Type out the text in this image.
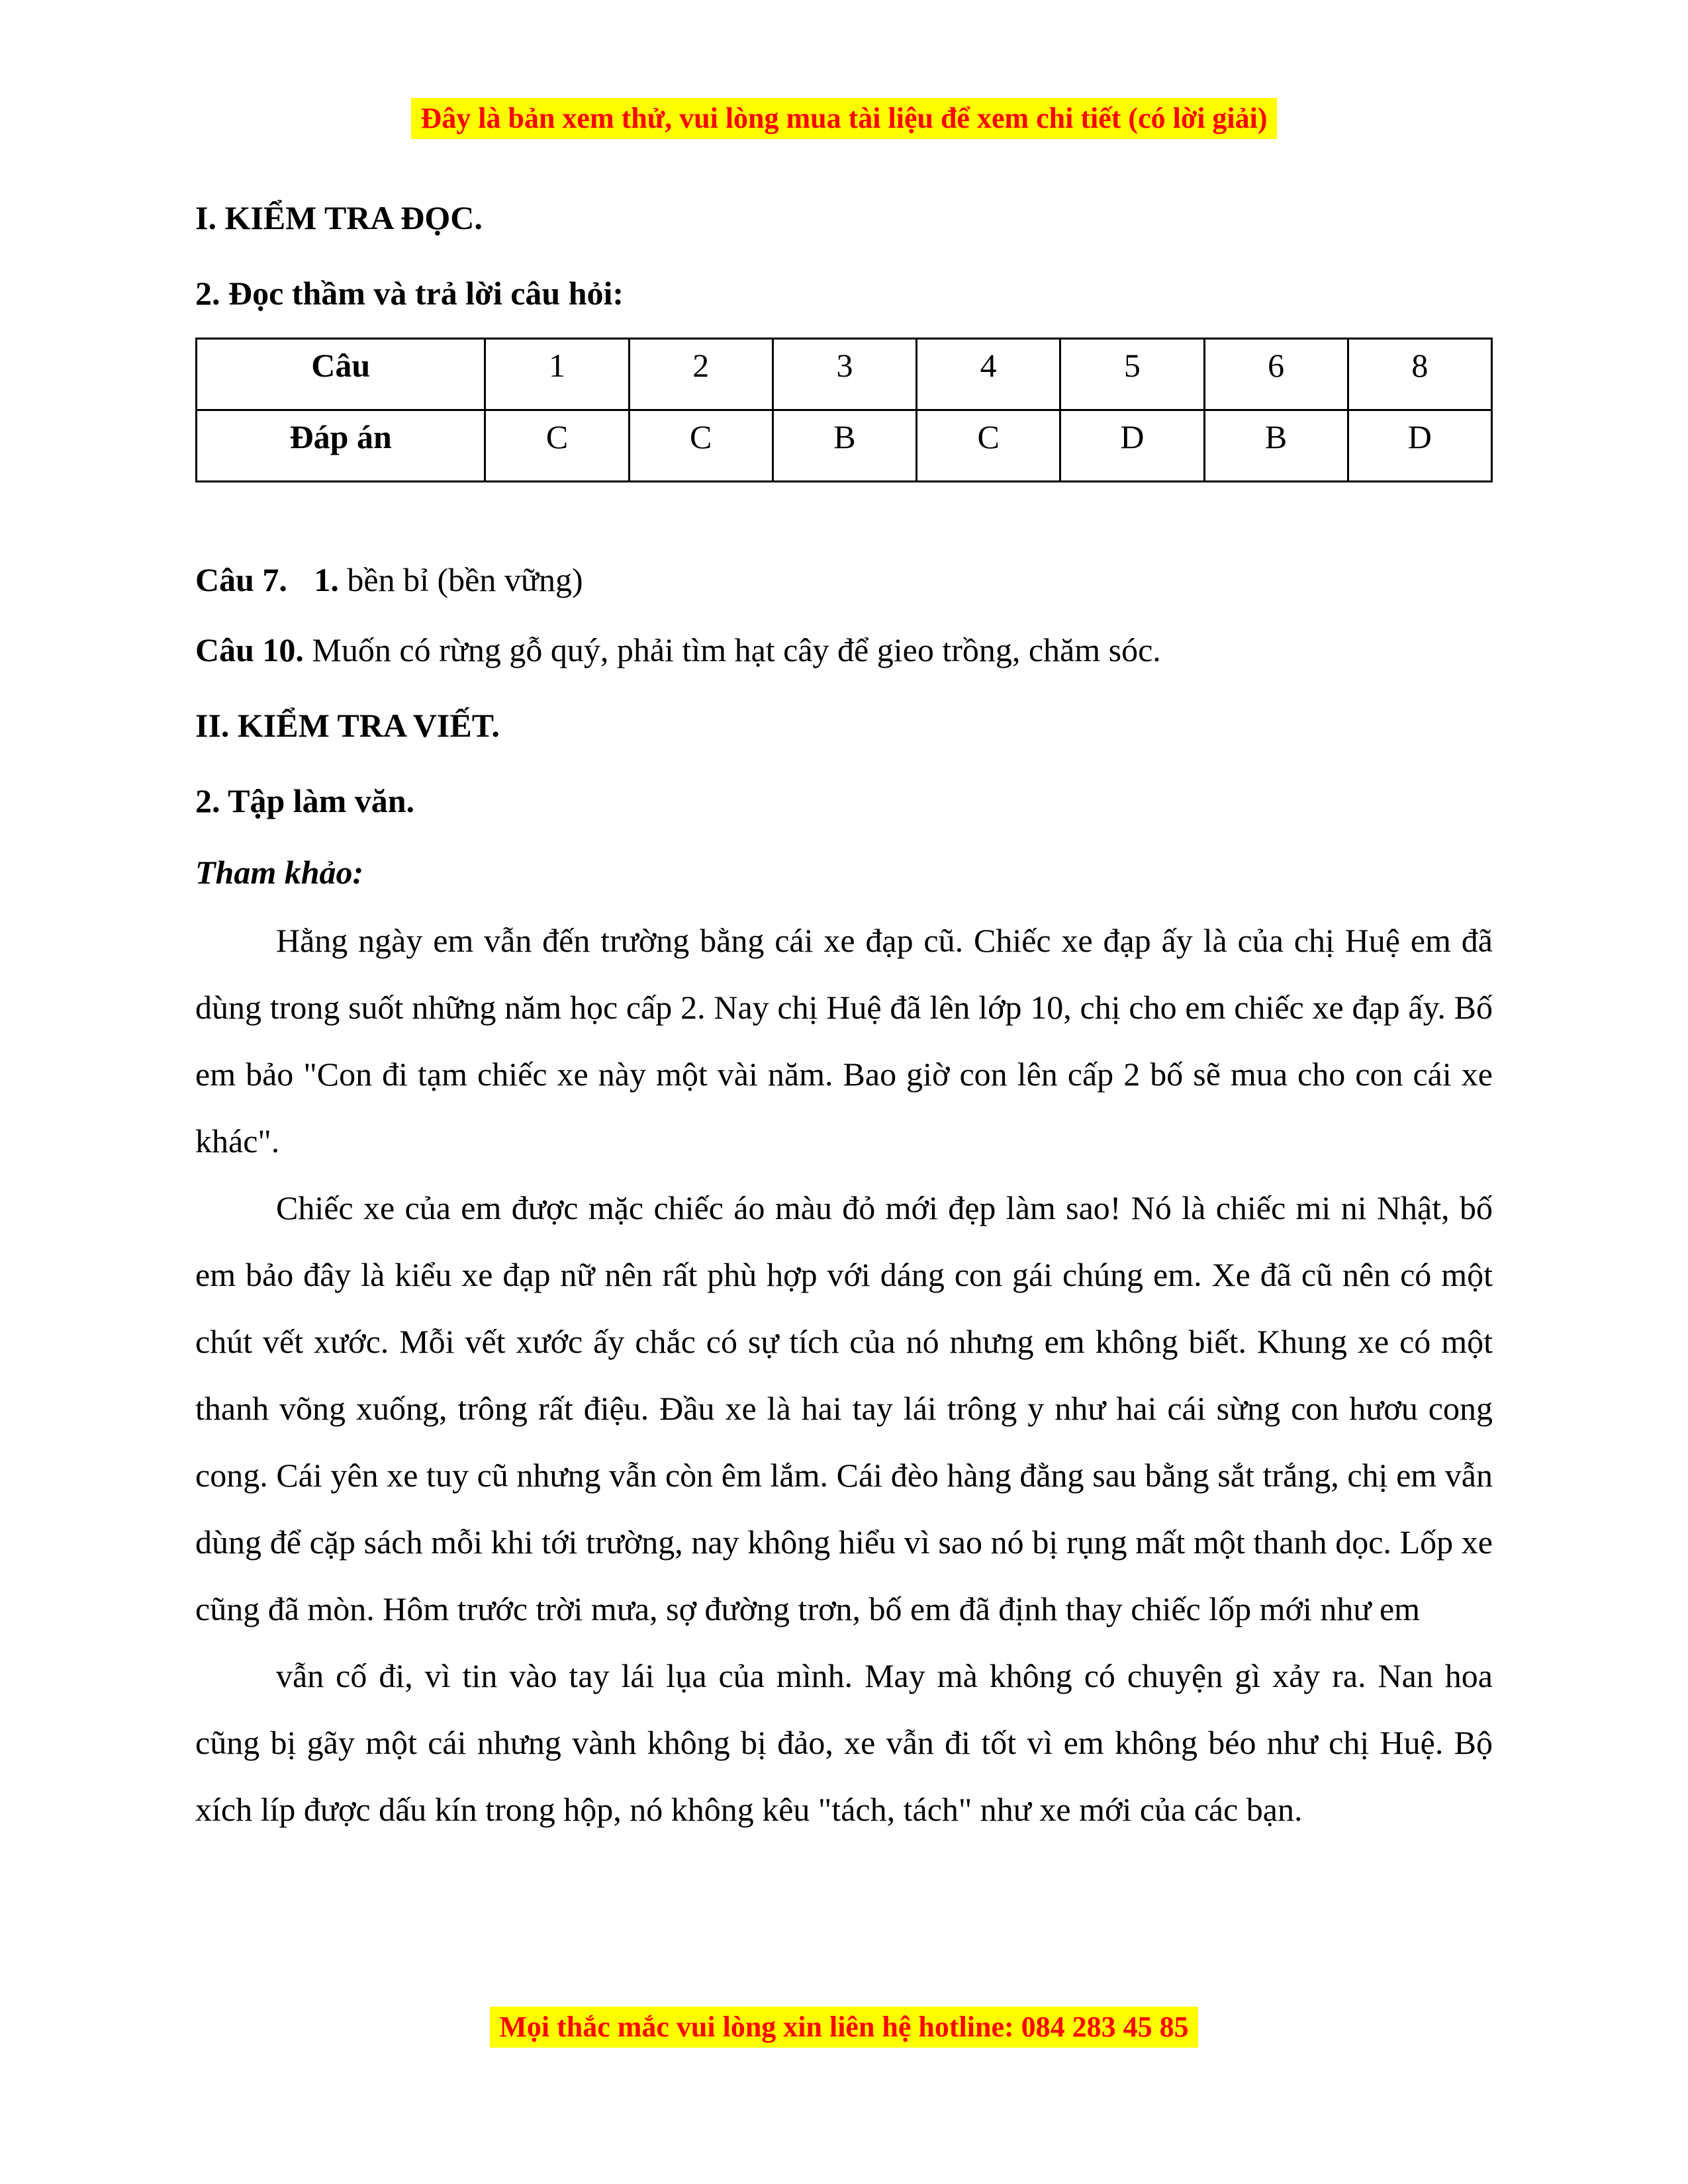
Đây là bản xem thử, vui lòng mua tài liệu để xem chi tiết (có lời giải)
I. KIỂM TRA ĐỌC.
2. Đọc thầm và trả lời câu hỏi:
Câu	1	2	3	4	5	6	8
Đáp án	C	C	B	C	D	B	D

Câu 7. 1. bền bỉ (bền vững)

Câu 10. Muốn có rừng gỗ quý, phải tìm hạt cây để gieo trồng, chăm sóc.

II. KIỂM TRA VIẾT.
2. Tập làm văn.
Tham khảo:

Hằng ngày em vẫn đến trường bằng cái xe đạp cũ. Chiếc xe đạp ấy là của chị Huệ em đã dùng trong suốt những năm học cấp 2. Nay chị Huệ đã lên lớp 10, chị cho em chiếc xe đạp ấy. Bố em bảo "Con đi tạm chiếc xe này một vài năm. Bao giờ con lên cấp 2 bố sẽ mua cho con cái xe khác".

Chiếc xe của em được mặc chiếc áo màu đỏ mới đẹp làm sao! Nó là chiếc mi ni Nhật, bố em bảo đây là kiểu xe đạp nữ nên rất phù hợp với dáng con gái chúng em. Xe đã cũ nên có một chút vết xước. Mỗi vết xước ấy chắc có sự tích của nó nhưng em không biết. Khung xe có một thanh võng xuống, trông rất điệu. Đầu xe là hai tay lái trông y như hai cái sừng con hươu cong cong. Cái yên xe tuy cũ nhưng vẫn còn êm lắm. Cái đèo hàng đằng sau bằng sắt trắng, chị em vẫn dùng để cặp sách mỗi khi tới trường, nay không hiểu vì sao nó bị rụng mất một thanh dọc. Lốp xe cũng đã mòn. Hôm trước trời mưa, sợ đường trơn, bố em đã định thay chiếc lốp mới như em

vẫn cố đi, vì tin vào tay lái lụa của mình. May mà không có chuyện gì xảy ra. Nan hoa cũng bị gãy một cái nhưng vành không bị đảo, xe vẫn đi tốt vì em không béo như chị Huệ. Bộ xích líp được dấu kín trong hộp, nó không kêu "tách, tách" như xe mới của các bạn.

Mọi thắc mắc vui lòng xin liên hệ hotline: 084 283 45 85
